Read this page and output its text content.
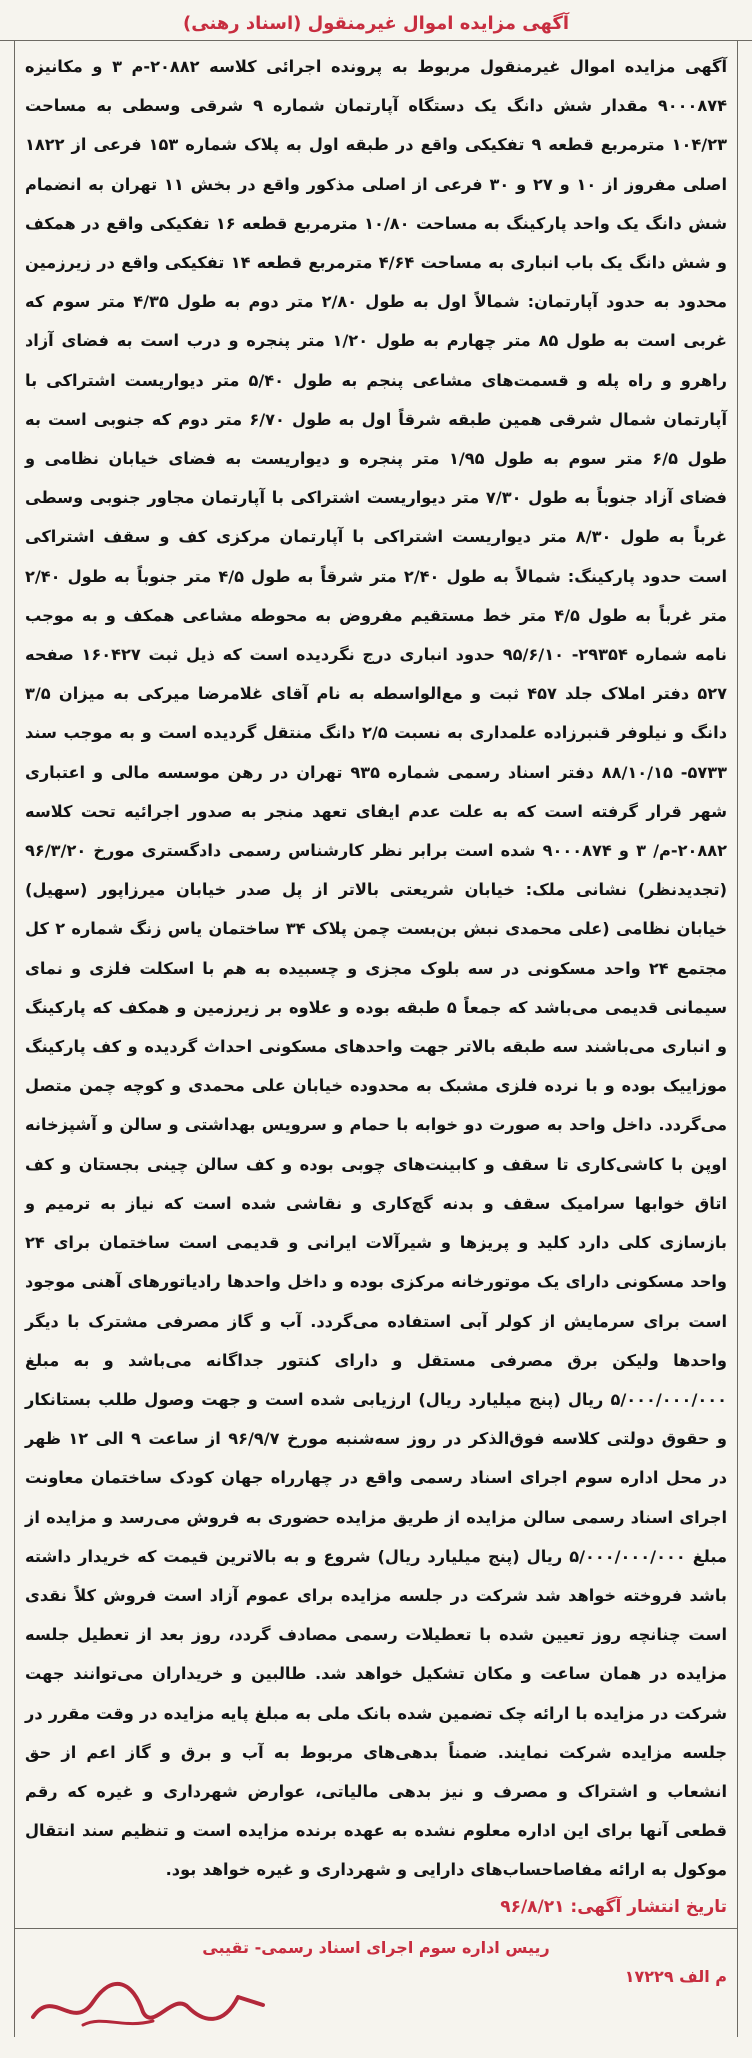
آگهی مزایده اموال غیرمنقول (اسناد رهنی)

آگهی مزایده اموال غیرمنقول مربوط به پرونده اجرائی کلاسه ۲۰۸۸۲-م ۳ و مکانیزه ۹۰۰۰۸۷۴ مقدار شش دانگ یک دستگاه آپارتمان شماره ۹ شرقی وسطی به مساحت ۱۰۴/۲۳ مترمربع قطعه ۹ تفکیکی واقع در طبقه اول به پلاک شماره ۱۵۳ فرعی از ۱۸۲۲ اصلی مفروز از ۱۰ و ۲۷ و ۳۰ فرعی از اصلی مذکور واقع در بخش ۱۱ تهران به انضمام شش دانگ یک واحد پارکینگ به مساحت ۱۰/۸۰ مترمربع قطعه ۱۶ تفکیکی واقع در همکف و شش دانگ یک باب انباری به مساحت ۴/۶۴ مترمربع قطعه ۱۴ تفکیکی واقع در زیرزمین محدود به حدود آپارتمان: شمالاً اول به طول ۲/۸۰ متر دوم به طول ۴/۳۵ متر سوم که غربی است به طول ۸۵ متر چهارم به طول ۱/۲۰ متر پنجره و درب است به فضای آزاد راهرو و راه پله و قسمت‌های مشاعی پنجم به طول ۵/۴۰ متر دیواریست اشتراکی با آپارتمان شمال شرقی همین طبقه شرقاً اول به طول ۶/۷۰ متر دوم که جنوبی است به طول ۶/۵ متر سوم به طول ۱/۹۵ متر پنجره و دیواریست به فضای خیابان نظامی و فضای آزاد جنوباً به طول ۷/۳۰ متر دیواریست اشتراکی با آپارتمان مجاور جنوبی وسطی غرباً به طول ۸/۳۰ متر دیواریست اشتراکی با آپارتمان مرکزی کف و سقف اشتراکی است حدود پارکینگ: شمالاً به طول ۲/۴۰ متر شرقاً به طول ۴/۵ متر جنوباً به طول ۲/۴۰ متر غرباً به طول ۴/۵ متر خط مستقیم مفروض به محوطه مشاعی همکف و به موجب نامه شماره ۲۹۳۵۴- ۹۵/۶/۱۰ حدود انباری درج نگردیده است که ذیل ثبت ۱۶۰۴۲۷ صفحه ۵۲۷ دفتر املاک جلد ۴۵۷ ثبت و مع‌الواسطه به نام آقای غلامرضا میرکی به میزان ۳/۵ دانگ و نیلوفر قنبرزاده علمداری به نسبت ۲/۵ دانگ منتقل گردیده است و به موجب سند ۵۷۳۳- ۸۸/۱۰/۱۵ دفتر اسناد رسمی شماره ۹۳۵ تهران در رهن موسسه مالی و اعتباری شهر قرار گرفته است که به علت عدم ایفای تعهد منجر به صدور اجرائیه تحت کلاسه ۲۰۸۸۲-م/ ۳ و ۹۰۰۰۸۷۴ شده است برابر نظر کارشناس رسمی دادگستری مورخ ۹۶/۳/۲۰ (تجدیدنظر) نشانی ملک: خیابان شریعتی بالاتر از پل صدر خیابان میرزاپور (سهیل) خیابان نظامی (علی محمدی نبش بن‌بست چمن پلاک ۳۴ ساختمان یاس زنگ شماره ۲ کل مجتمع ۲۴ واحد مسکونی در سه بلوک مجزی و چسبیده به هم با اسکلت فلزی و نمای سیمانی قدیمی می‌باشد که جمعاً ۵ طبقه بوده و علاوه بر زیرزمین و همکف که پارکینگ و انباری می‌باشند سه طبقه بالاتر جهت واحدهای مسکونی احداث گردیده و کف پارکینگ موزاییک بوده و با نرده فلزی مشبک به محدوده خیابان علی محمدی و کوچه چمن متصل می‌گردد. داخل واحد به صورت دو خوابه با حمام و سرویس بهداشتی و سالن و آشپزخانه اوپن با کاشی‌کاری تا سقف و کابینت‌های چوبی بوده و کف سالن چینی بجستان و کف اتاق خوابها سرامیک سقف و بدنه گچ‌کاری و نقاشی شده است که نیاز به ترمیم و بازسازی کلی دارد کلید و پریزها و شیرآلات ایرانی و قدیمی است ساختمان برای ۲۴ واحد مسکونی دارای یک موتورخانه مرکزی بوده و داخل واحدها رادیاتورهای آهنی موجود است برای سرمایش از کولر آبی استفاده می‌گردد. آب و گاز مصرفی مشترک با دیگر واحدها ولیکن برق مصرفی مستقل و دارای کنتور جداگانه می‌باشد و به مبلغ ۵/۰۰۰/۰۰۰/۰۰۰ ریال (پنج میلیارد ریال) ارزیابی شده است و جهت وصول طلب بستانکار و حقوق دولتی کلاسه فوق‌الذکر در روز سه‌شنبه مورخ ۹۶/۹/۷ از ساعت ۹ الی ۱۲ ظهر در محل اداره سوم اجرای اسناد رسمی واقع در چهارراه جهان کودک ساختمان معاونت اجرای اسناد رسمی سالن مزایده از طریق مزایده حضوری به فروش می‌رسد و مزایده از مبلغ ۵/۰۰۰/۰۰۰/۰۰۰ ریال (پنج میلیارد ریال) شروع و به بالاترین قیمت که خریدار داشته باشد فروخته خواهد شد شرکت در جلسه مزایده برای عموم آزاد است فروش کلاً نقدی است چنانچه روز تعیین شده با تعطیلات رسمی مصادف گردد، روز بعد از تعطیل جلسه مزایده در همان ساعت و مکان تشکیل خواهد شد. طالبین و خریداران می‌توانند جهت شرکت در مزایده با ارائه چک تضمین شده بانک ملی به مبلغ پایه مزایده در وقت مقرر در جلسه مزایده شرکت نمایند. ضمناً بدهی‌های مربوط به آب و برق و گاز اعم از حق انشعاب و اشتراک و مصرف و نیز بدهی مالیاتی، عوارض شهرداری و غیره که رقم قطعی آنها برای این اداره معلوم نشده به عهده برنده مزایده است و تنظیم سند انتقال موکول به ارائه مفاصاحساب‌های دارایی و شهرداری و غیره خواهد بود.

تاریخ انتشار آگهی: ۹۶/۸/۲۱
رییس اداره سوم اجرای اسناد رسمی- تقیبی
م الف ۱۷۲۲۹
